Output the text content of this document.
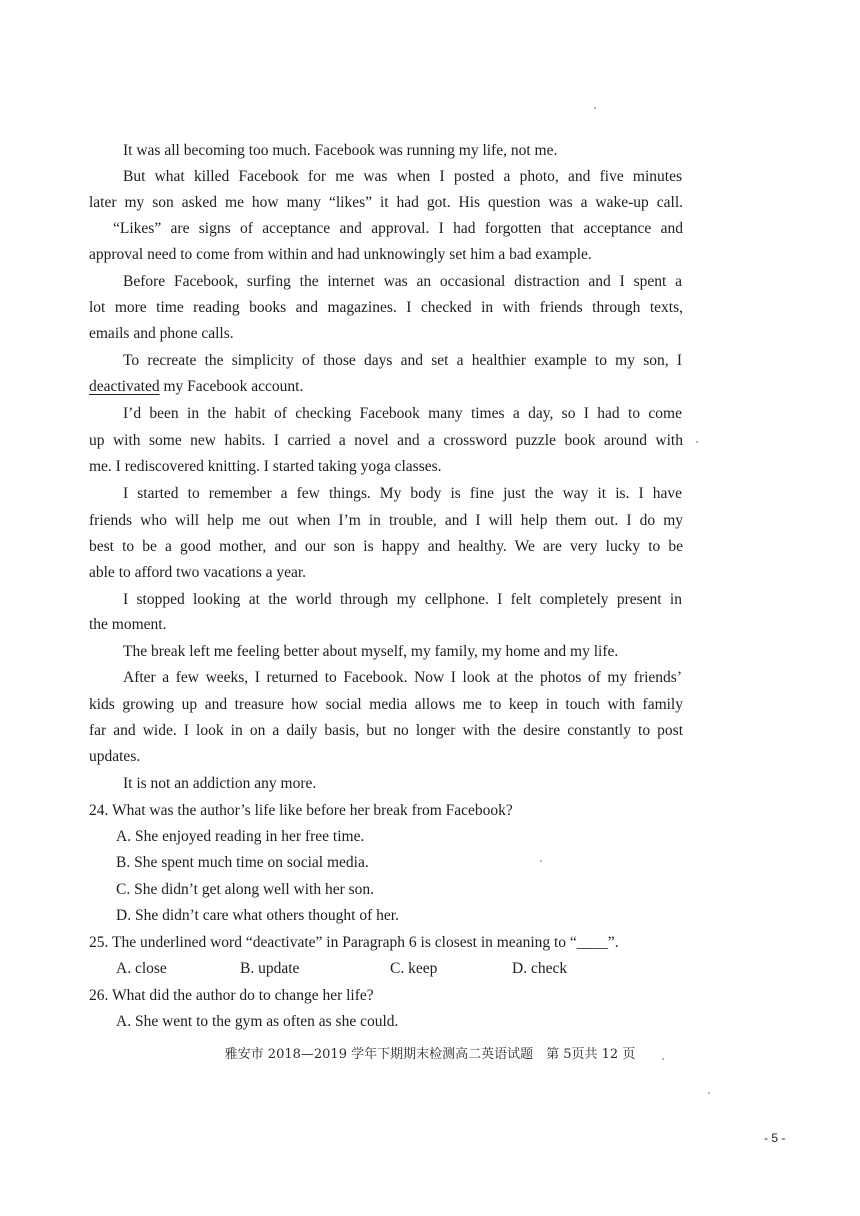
It was all becoming too much. Facebook was running my life, not me.
But what killed Facebook for me was when I posted a photo, and five minutes
later my son asked me how many “likes” it had got. His question was a wake-up call.
“Likes” are signs of acceptance and approval. I had forgotten that acceptance and
approval need to come from within and had unknowingly set him a bad example.
Before Facebook, surfing the internet was an occasional distraction and I spent a
lot more time reading books and magazines. I checked in with friends through texts,
emails and phone calls.
To recreate the simplicity of those days and set a healthier example to my son, I
deactivated my Facebook account.
I’d been in the habit of checking Facebook many times a day, so I had to come
up with some new habits. I carried a novel and a crossword puzzle book around with
me. I rediscovered knitting. I started taking yoga classes.
I started to remember a few things. My body is fine just the way it is. I have
friends who will help me out when I’m in trouble, and I will help them out. I do my
best to be a good mother, and our son is happy and healthy. We are very lucky to be
able to afford two vacations a year.
I stopped looking at the world through my cellphone. I felt completely present in
the moment.
The break left me feeling better about myself, my family, my home and my life.
After a few weeks, I returned to Facebook. Now I look at the photos of my friends’
kids growing up and treasure how social media allows me to keep in touch with family
far and wide. I look in on a daily basis, but no longer with the desire constantly to post
updates.
It is not an addiction any more.
24. What was the author’s life like before her break from Facebook?
A. She enjoyed reading in her free time.
B. She spent much time on social media.
C. She didn’t get along well with her son.
D. She didn’t care what others thought of her.
25. The underlined word “deactivate” in Paragraph 6 is closest in meaning to “____”.
A. close	B. update	C. keep	D. check
26. What did the author do to change her life?
A. She went to the gym as often as she could.
雅安市 2018—2019 学年下期期末检测高二英语试题　第 5页共 12 页
- 5 -
